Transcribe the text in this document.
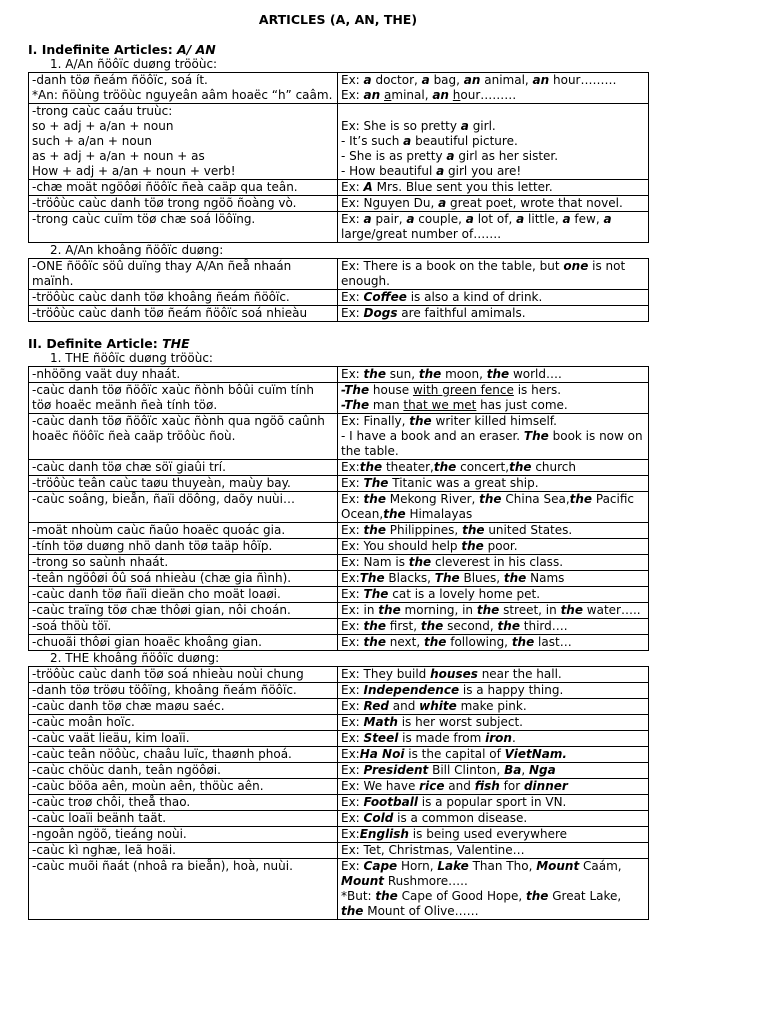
ARTICLES (A, AN, THE)
I. Indefinite Articles: A/ AN
1. A/An ñöôïc duøng trööùc:
-danh töø ñeám ñöôïc, soá ít.
*An: ñöùng trööùc nguyeân aâm hoaëc “h” caâm.	Ex: a doctor, a bag, an animal, an hour………
Ex: an aminal, an hour………
-trong caùc caáu truùc:
so + adj + a/an + noun
such + a/an + noun
as + adj + a/an + noun + as
How + adj + a/an + noun + verb!	Ex: She is so pretty a girl.
- It’s such a beautiful picture.
- She is as pretty a girl as her sister.
- How beautiful a girl you are!
-chæ moät ngöôøi ñöôïc ñeà caäp qua teân.	Ex: A Mrs. Blue sent you this letter.
-tröôùc caùc danh töø trong ngöõ ñoàng vò.	Ex: Nguyen Du, a great poet, wrote that novel.
-trong caùc cuïm töø chæ soá löôïng.	Ex: a pair, a couple, a lot of, a little, a few, a large/great number of…….
2. A/An khoâng ñöôïc duøng:
-ONE ñöôïc söû duïng thay A/An ñeå nhaán maïnh.	Ex: There is a book on the table, but one is not enough.
-tröôùc caùc danh töø khoâng ñeám ñöôïc.	Ex: Coffee is also a kind of drink.
-tröôùc caùc danh töø ñeám ñöôïc soá nhieàu	Ex: Dogs are faithful amimals.
II. Definite Article: THE
1. THE ñöôïc duøng trööùc:
-nhöõng vaät duy nhaát.	Ex: the sun, the moon, the world….
-caùc danh töø ñöôïc xaùc ñònh bôûi cuïm tính töø hoaëc meänh ñeà tính töø.	-The house with green fence is hers.
-The man that we met has just come.
-caùc danh töø ñöôïc xaùc ñònh qua ngöõ caûnh hoaëc ñöôïc ñeà caäp tröôùc ñoù.	Ex: Finally, the writer killed himself.
- I have a book and an eraser. The book is now on the table.
-caùc danh töø chæ söï giaûi trí.	Ex:the theater,the concert,the church
-tröôùc teân caùc taøu thuyeàn, maùy bay.	Ex: The Titanic was a great ship.
-caùc soâng, bieån, ñaïi döông, daõy nuùi…	Ex: the Mekong River, the China Sea,the Pacific Ocean,the Himalayas
-moät nhoùm caùc ñaûo hoaëc quoác gia.	Ex: the Philippines, the united States.
-tính töø duøng nhö danh töø taäp hôïp.	Ex: You should help the poor.
-trong so saùnh nhaát.	Ex: Nam is the cleverest in his class.
-teân ngöôøi ôû soá nhieàu (chæ gia ñình).	Ex:The Blacks, The Blues, the Nams
-caùc danh töø ñaïi dieän cho moät loaøi.	Ex: The cat is a lovely home pet.
-caùc traïng töø chæ thôøi gian, nôi choán.	Ex: in the morning, in the street, in the water…..
-soá thöù töï.	Ex: the first, the second, the third….
-chuoãi thôøi gian hoaëc khoâng gian.	Ex: the next, the following, the last…
2. THE khoâng ñöôïc duøng:
-tröôùc caùc danh töø soá nhieàu noùi chung	Ex: They build houses near the hall.
-danh töø tröøu töôïng, khoâng ñeám ñöôïc.	Ex: Independence is a happy thing.
-caùc danh töø chæ maøu saéc.	Ex: Red and white make pink.
-caùc moân hoïc.	Ex: Math is her worst subject.
-caùc vaät lieäu, kim loaïi.	Ex: Steel is made from iron.
-caùc teân nöôùc, chaâu luïc, thaønh phoá.	Ex:Ha Noi is the capital of VietNam.
-caùc chöùc danh, teân ngöôøi.	Ex: President Bill Clinton, Ba, Nga
-caùc böõa aên, moùn aên, thöùc aên.	Ex: We have rice and fish for dinner
-caùc troø chôi, theå thao.	Ex: Football is a popular sport in VN.
-caùc loaïi beänh taät.	Ex: Cold is a common disease.
-ngoân ngöõ, tieáng noùi.	Ex:English is being used everywhere
-caùc kì nghæ, leã hoäi.	Ex: Tet, Christmas, Valentine…
-caùc muõi ñaát (nhoâ ra bieån), hoà, nuùi.	Ex: Cape Horn, Lake Than Tho, Mount Caám, Mount Rushmore…..
*But: the Cape of Good Hope, the Great Lake, the Mount of Olive……
